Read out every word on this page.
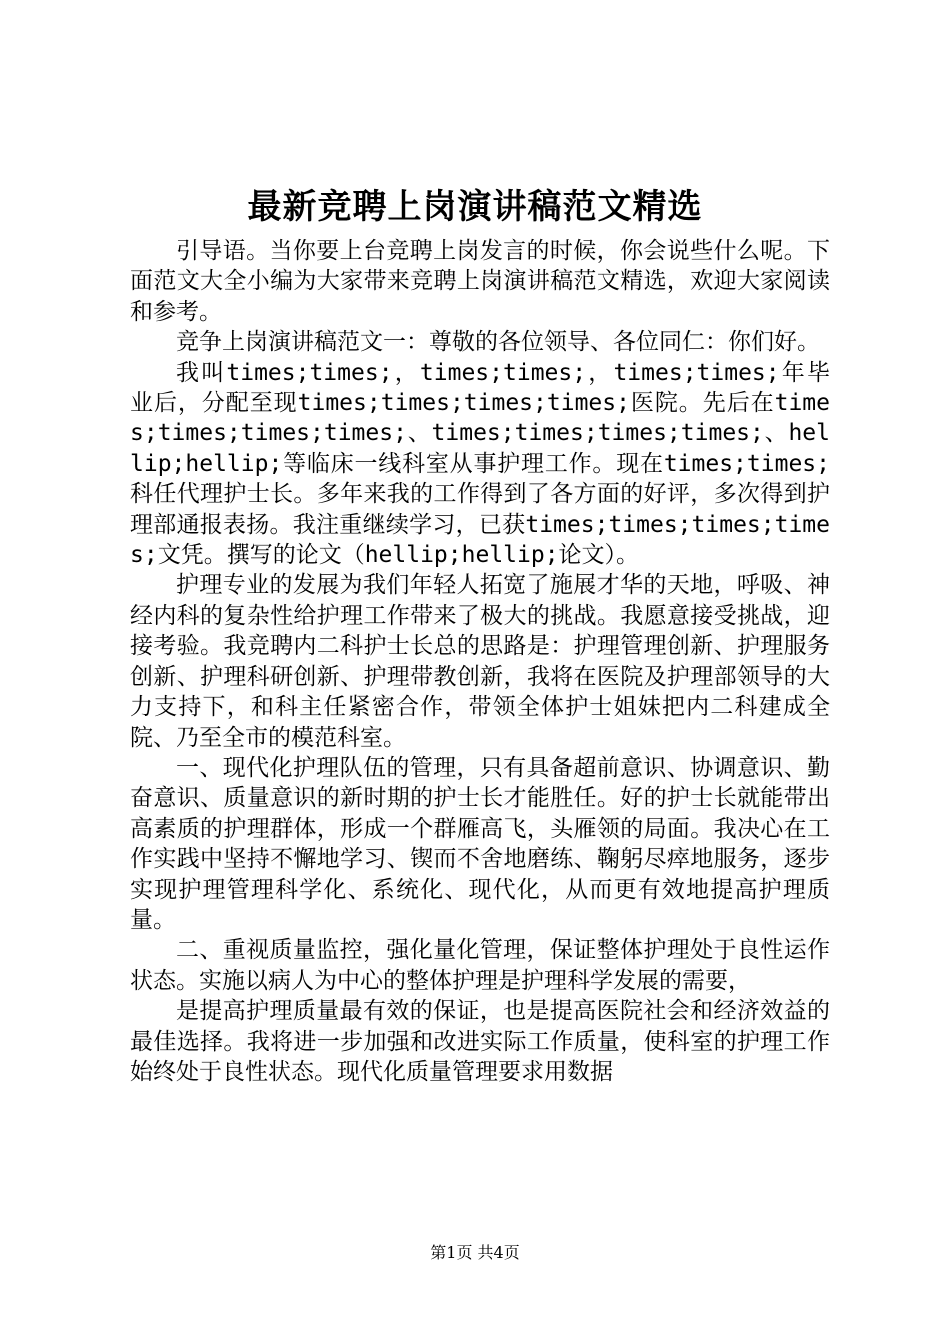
最新竞聘上岗演讲稿范文精选

引导语。当你要上台竞聘上岗发言的时候，你会说些什么呢。下面范文大全小编为大家带来竞聘上岗演讲稿范文精选，欢迎大家阅读和参考。

竞争上岗演讲稿范文一：尊敬的各位领导、各位同仁：你们好。

我叫times;times;，times;times;，times;times;年毕业后，分配至现times;times;times;times;医院。先后在times;times;times;times;、times;times;times;times;、hellip;hellip;等临床一线科室从事护理工作。现在times;times;科任代理护士长。多年来我的工作得到了各方面的好评，多次得到护理部通报表扬。我注重继续学习，已获times;times;times;times;文凭。撰写的论文（hellip;hellip;论文）。

护理专业的发展为我们年轻人拓宽了施展才华的天地，呼吸、神经内科的复杂性给护理工作带来了极大的挑战。我愿意接受挑战，迎接考验。我竞聘内二科护士长总的思路是：护理管理创新、护理服务创新、护理科研创新、护理带教创新，我将在医院及护理部领导的大力支持下，和科主任紧密合作，带领全体护士姐妹把内二科建成全院、乃至全市的模范科室。

一、现代化护理队伍的管理，只有具备超前意识、协调意识、勤奋意识、质量意识的新时期的护士长才能胜任。好的护士长就能带出高素质的护理群体，形成一个群雁高飞，头雁领的局面。我决心在工作实践中坚持不懈地学习、锲而不舍地磨练、鞠躬尽瘁地服务，逐步实现护理管理科学化、系统化、现代化，从而更有效地提高护理质量。

二、重视质量监控，强化量化管理，保证整体护理处于良性运作状态。实施以病人为中心的整体护理是护理科学发展的需要，

是提高护理质量最有效的保证，也是提高医院社会和经济效益的最佳选择。我将进一步加强和改进实际工作质量，使科室的护理工作始终处于良性状态。现代化质量管理要求用数据

第1页 共4页
